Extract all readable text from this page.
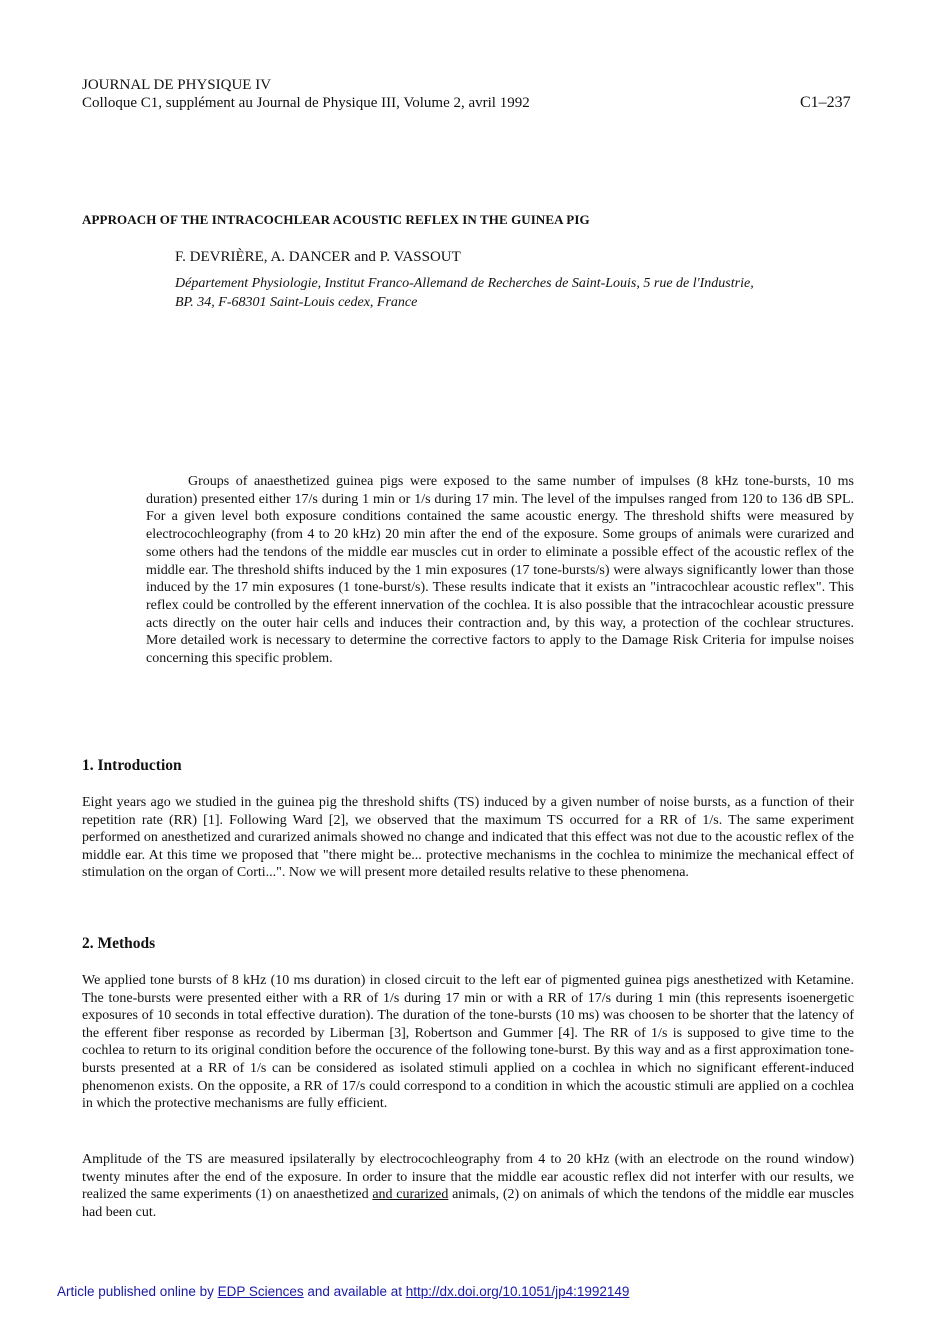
JOURNAL DE PHYSIQUE IV
Colloque C1, supplément au Journal de Physique III, Volume 2, avril 1992	C1–237
APPROACH OF THE INTRACOCHLEAR ACOUSTIC REFLEX IN THE GUINEA PIG
F. DEVRIÈRE, A. DANCER and P. VASSOUT
Département Physiologie, Institut Franco-Allemand de Recherches de Saint-Louis, 5 rue de l'Industrie,
BP. 34, F-68301 Saint-Louis cedex, France

Groups of anaesthetized guinea pigs were exposed to the same number of impulses (8 kHz tone-bursts, 10 ms duration) presented either 17/s during 1 min or 1/s during 17 min. The level of the impulses ranged from 120 to 136 dB SPL. For a given level both exposure conditions contained the same acoustic energy. The threshold shifts were measured by electrocochleography (from 4 to 20 kHz) 20 min after the end of the exposure. Some groups of animals were curarized and some others had the tendons of the middle ear muscles cut in order to eliminate a possible effect of the acoustic reflex of the middle ear. The threshold shifts induced by the 1 min exposures (17 tone-bursts/s) were always significantly lower than those induced by the 17 min exposures (1 tone-burst/s). These results indicate that it exists an "intracochlear acoustic reflex". This reflex could be controlled by the efferent innervation of the cochlea. It is also possible that the intracochlear acoustic pressure acts directly on the outer hair cells and induces their contraction and, by this way, a protection of the cochlear structures. More detailed work is necessary to determine the corrective factors to apply to the Damage Risk Criteria for impulse noises concerning this specific problem.

1. Introduction

Eight years ago we studied in the guinea pig the threshold shifts (TS) induced by a given number of noise bursts, as a function of their repetition rate (RR) [1]. Following Ward [2], we observed that the maximum TS occurred for a RR of 1/s. The same experiment performed on anesthetized and curarized animals showed no change and indicated that this effect was not due to the acoustic reflex of the middle ear. At this time we proposed that "there might be... protective mechanisms in the cochlea to minimize the mechanical effect of stimulation on the organ of Corti...". Now we will present more detailed results relative to these phenomena.

2. Methods

We applied tone bursts of 8 kHz (10 ms duration) in closed circuit to the left ear of pigmented guinea pigs anesthetized with Ketamine. The tone-bursts were presented either with a RR of 1/s during 17 min or with a RR of 17/s during 1 min (this represents isoenergetic exposures of 10 seconds in total effective duration). The duration of the tone-bursts (10 ms) was choosen to be shorter that the latency of the efferent fiber response as recorded by Liberman [3], Robertson and Gummer [4]. The RR of 1/s is supposed to give time to the cochlea to return to its original condition before the occurence of the following tone-burst. By this way and as a first approximation tone-bursts presented at a RR of 1/s can be considered as isolated stimuli applied on a cochlea in which no significant efferent-induced phenomenon exists. On the opposite, a RR of 17/s could correspond to a condition in which the acoustic stimuli are applied on a cochlea in which the protective mechanisms are fully efficient.

Amplitude of the TS are measured ipsilaterally by electrocochleography from 4 to 20 kHz (with an electrode on the round window) twenty minutes after the end of the exposure. In order to insure that the middle ear acoustic reflex did not interfer with our results, we realized the same experiments (1) on anaesthetized and curarized animals, (2) on animals of which the tendons of the middle ear muscles had been cut.

Article published online by EDP Sciences and available at http://dx.doi.org/10.1051/jp4:1992149
